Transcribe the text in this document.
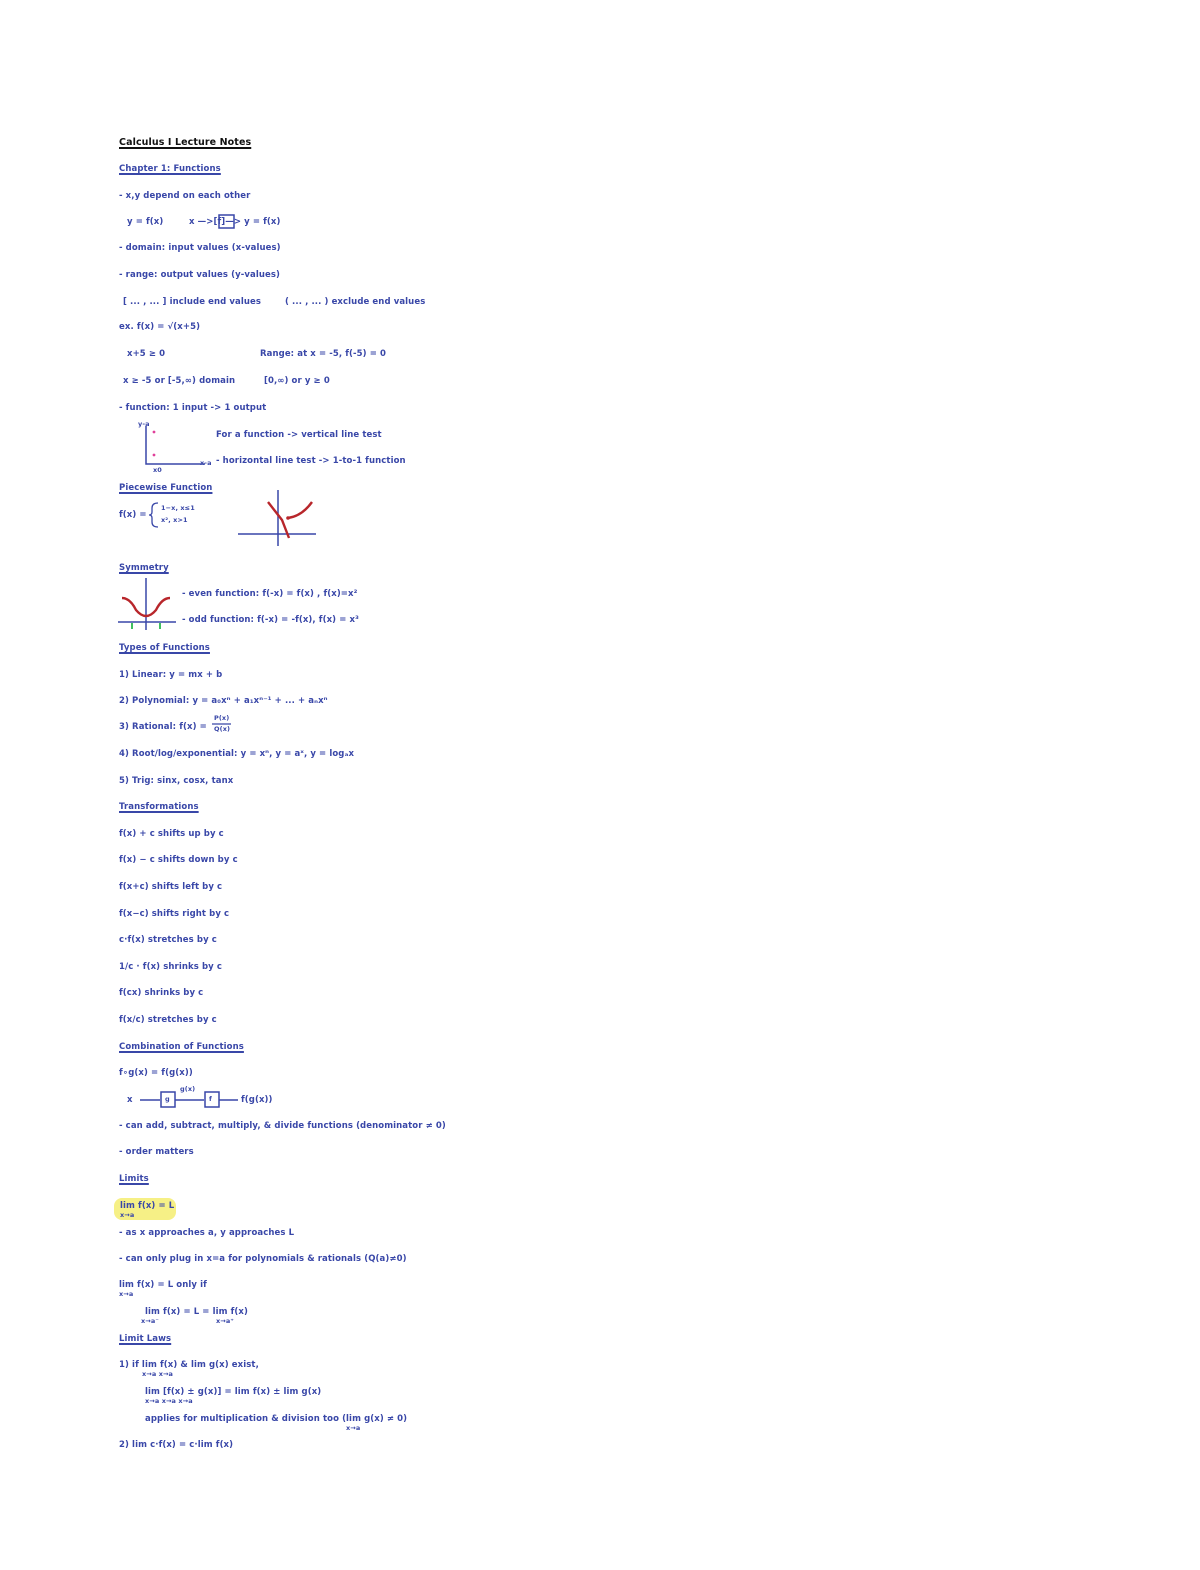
Calculus I Lecture Notes
Chapter 1: Functions
- x,y depend on each other
y = f(x)	x —>[f]—> y = f(x)
- domain: input values (x-values)
- range: output values (y-values)
[ ... , ... ] include end values	( ... , ... ) exclude end values
ex. f(x) = √(x+5)
x+5 ≥ 0	Range: at x = -5, f(-5) = 0
x ≥ -5 or [-5,∞) domain	[0,∞) or y ≥ 0
- function: 1 input -> 1 output
y-a
x-a
x0
For a function -> vertical line test
- horizontal line test -> 1-to-1 function
Piecewise Function
f(x) =
1−x, x≤1
x², x>1
Symmetry
- even function: f(-x) = f(x) , f(x)=x²
- odd function: f(-x) = -f(x), f(x) = x³
Types of Functions
1) Linear: y = mx + b
2) Polynomial: y = a₀xⁿ + a₁xⁿ⁻¹ + ... + aₙxⁿ
3) Rational: f(x) =
P(x)
Q(x)
4) Root/log/exponential: y = xⁿ, y = aˣ, y = logₐx
5) Trig: sinx, cosx, tanx
Transformations
f(x) + c shifts up by c
f(x) − c shifts down by c
f(x+c) shifts left by c
f(x−c) shifts right by c
c·f(x) stretches by c
1/c · f(x) shrinks by c
f(cx) shrinks by c
f(x/c) stretches by c
Combination of Functions
f∘g(x) = f(g(x))
x	g
g(x)
f	f(g(x))
- can add, subtract, multiply, & divide functions (denominator ≠ 0)
- order matters
Limits
lim f(x) = L
x→a
- as x approaches a, y approaches L
- can only plug in x=a for polynomials & rationals (Q(a)≠0)
lim f(x) = L only if
x→a
lim f(x) = L = lim f(x)
x→a⁻	x→a⁺
Limit Laws
1) if lim f(x) & lim g(x) exist,
x→a x→a
lim [f(x) ± g(x)] = lim f(x) ± lim g(x)
x→a x→a x→a
applies for multiplication & division too (lim g(x) ≠ 0)
x→a
2) lim c·f(x) = c·lim f(x)
